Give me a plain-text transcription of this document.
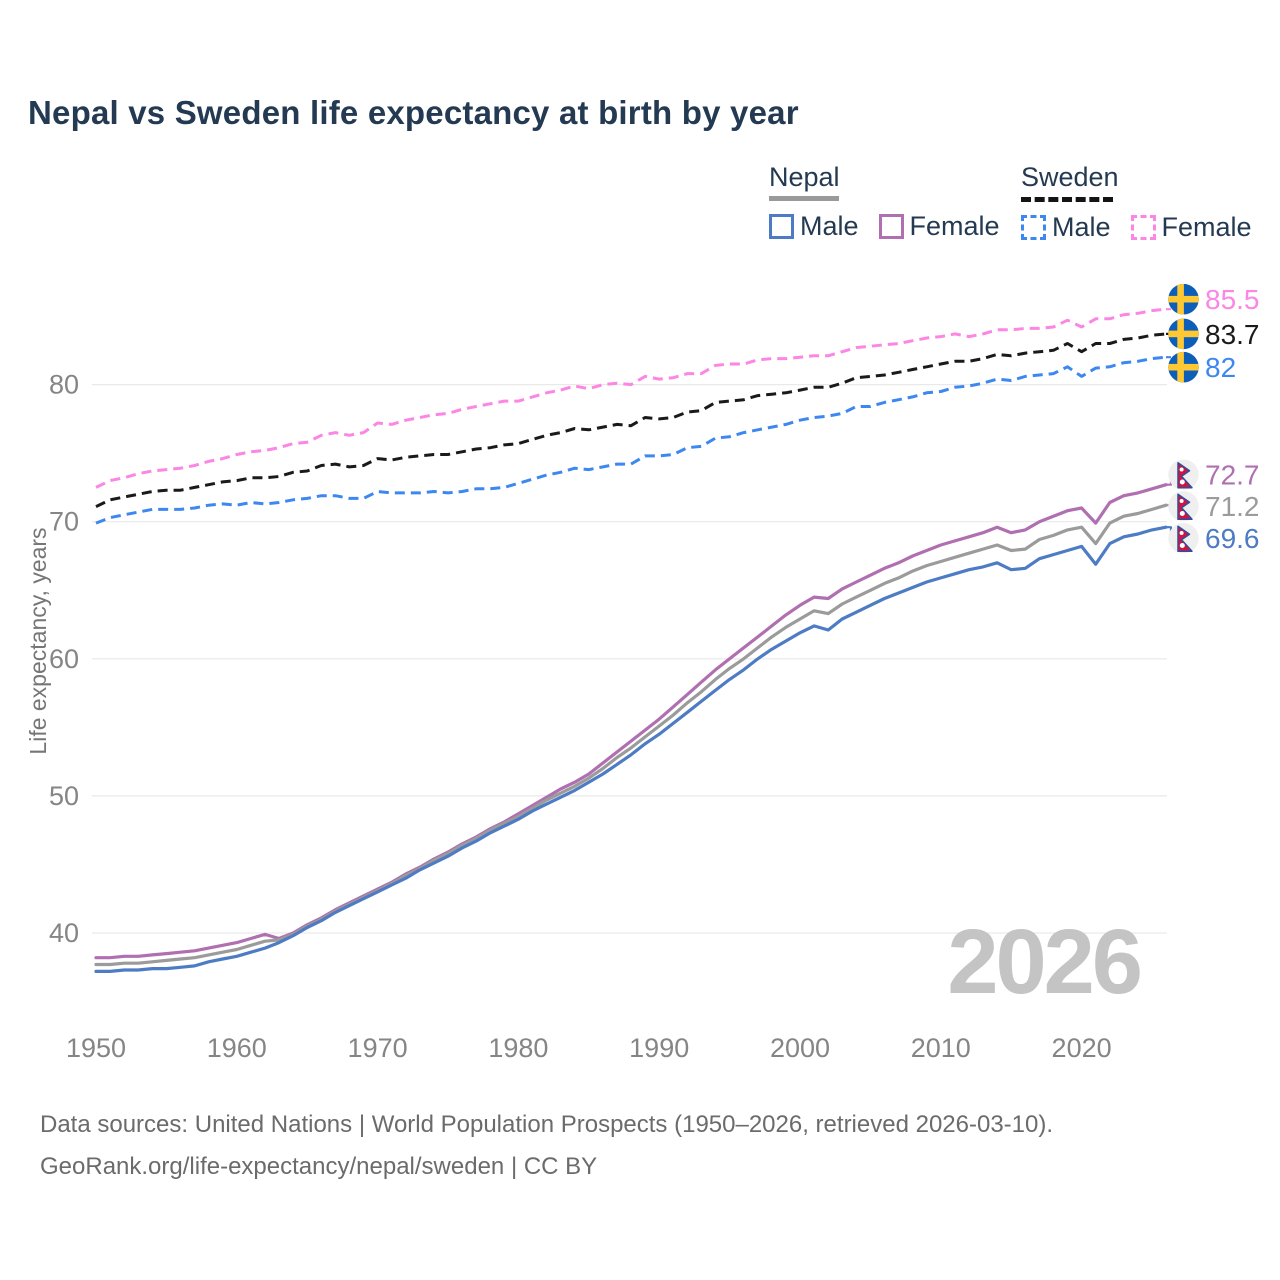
Nepal vs Sweden life expectancy at birth by year
Nepal
Male Female
Sweden
Male Female
Life expectancy, years
40
50
60
70
80
1950	1960	1970	1980	1990	2000	2010	2020
85.5
83.7
82
72.7
71.2
69.6
2026
Data sources: United Nations | World Population Prospects (1950–2026, retrieved 2026-03-10).
GeoRank.org/life-expectancy/nepal/sweden | CC BY
